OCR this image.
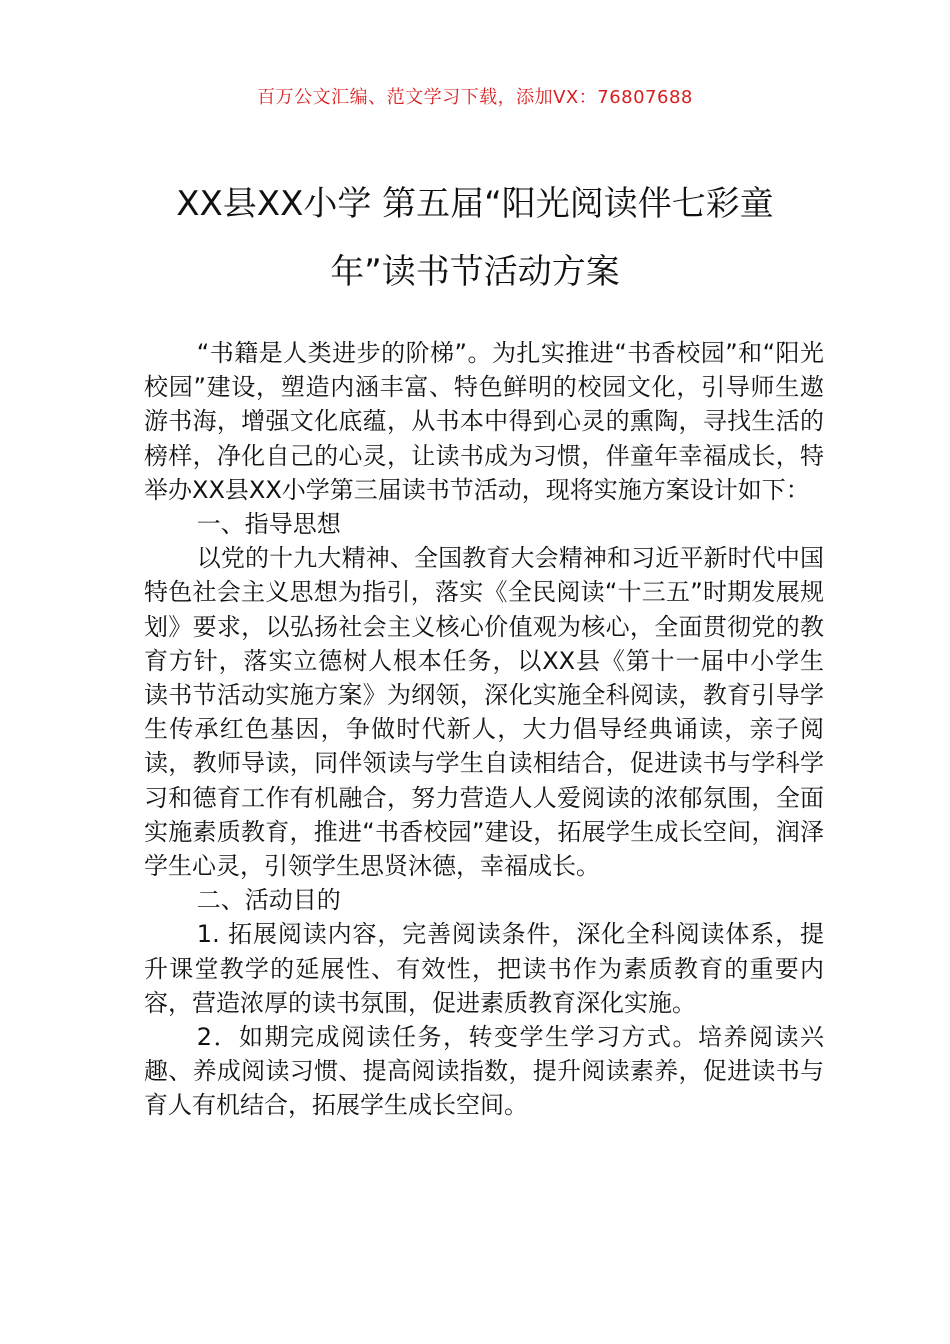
百万公文汇编、范文学习下载，添加VX：76807688
XX县XX小学 第五届“阳光阅读伴七彩童
年”读书节活动方案

“书籍是人类进步的阶梯”。为扎实推进“书香校园”和“阳光校园”建设，塑造内涵丰富、特色鲜明的校园文化，引导师生遨游书海，增强文化底蕴，从书本中得到心灵的熏陶，寻找生活的榜样，净化自己的心灵，让读书成为习惯，伴童年幸福成长，特举办XX县XX小学第三届读书节活动，现将实施方案设计如下：

一、指导思想

以党的十九大精神、全国教育大会精神和习近平新时代中国特色社会主义思想为指引，落实《全民阅读“十三五”时期发展规划》要求，以弘扬社会主义核心价值观为核心，全面贯彻党的教育方针，落实立德树人根本任务，以XX县《第十一届中小学生读书节活动实施方案》为纲领，深化实施全科阅读，教育引导学生传承红色基因，争做时代新人，大力倡导经典诵读，亲子阅读，教师导读，同伴领读与学生自读相结合，促进读书与学科学习和德育工作有机融合，努力营造人人爱阅读的浓郁氛围，全面实施素质教育，推进“书香校园”建设，拓展学生成长空间，润泽学生心灵，引领学生思贤沐德，幸福成长。

二、活动目的

1. 拓展阅读内容，完善阅读条件，深化全科阅读体系，提升课堂教学的延展性、有效性，把读书作为素质教育的重要内容，营造浓厚的读书氛围，促进素质教育深化实施。

2．如期完成阅读任务，转变学生学习方式。培养阅读兴趣、养成阅读习惯、提高阅读指数，提升阅读素养，促进读书与育人有机结合，拓展学生成长空间。
